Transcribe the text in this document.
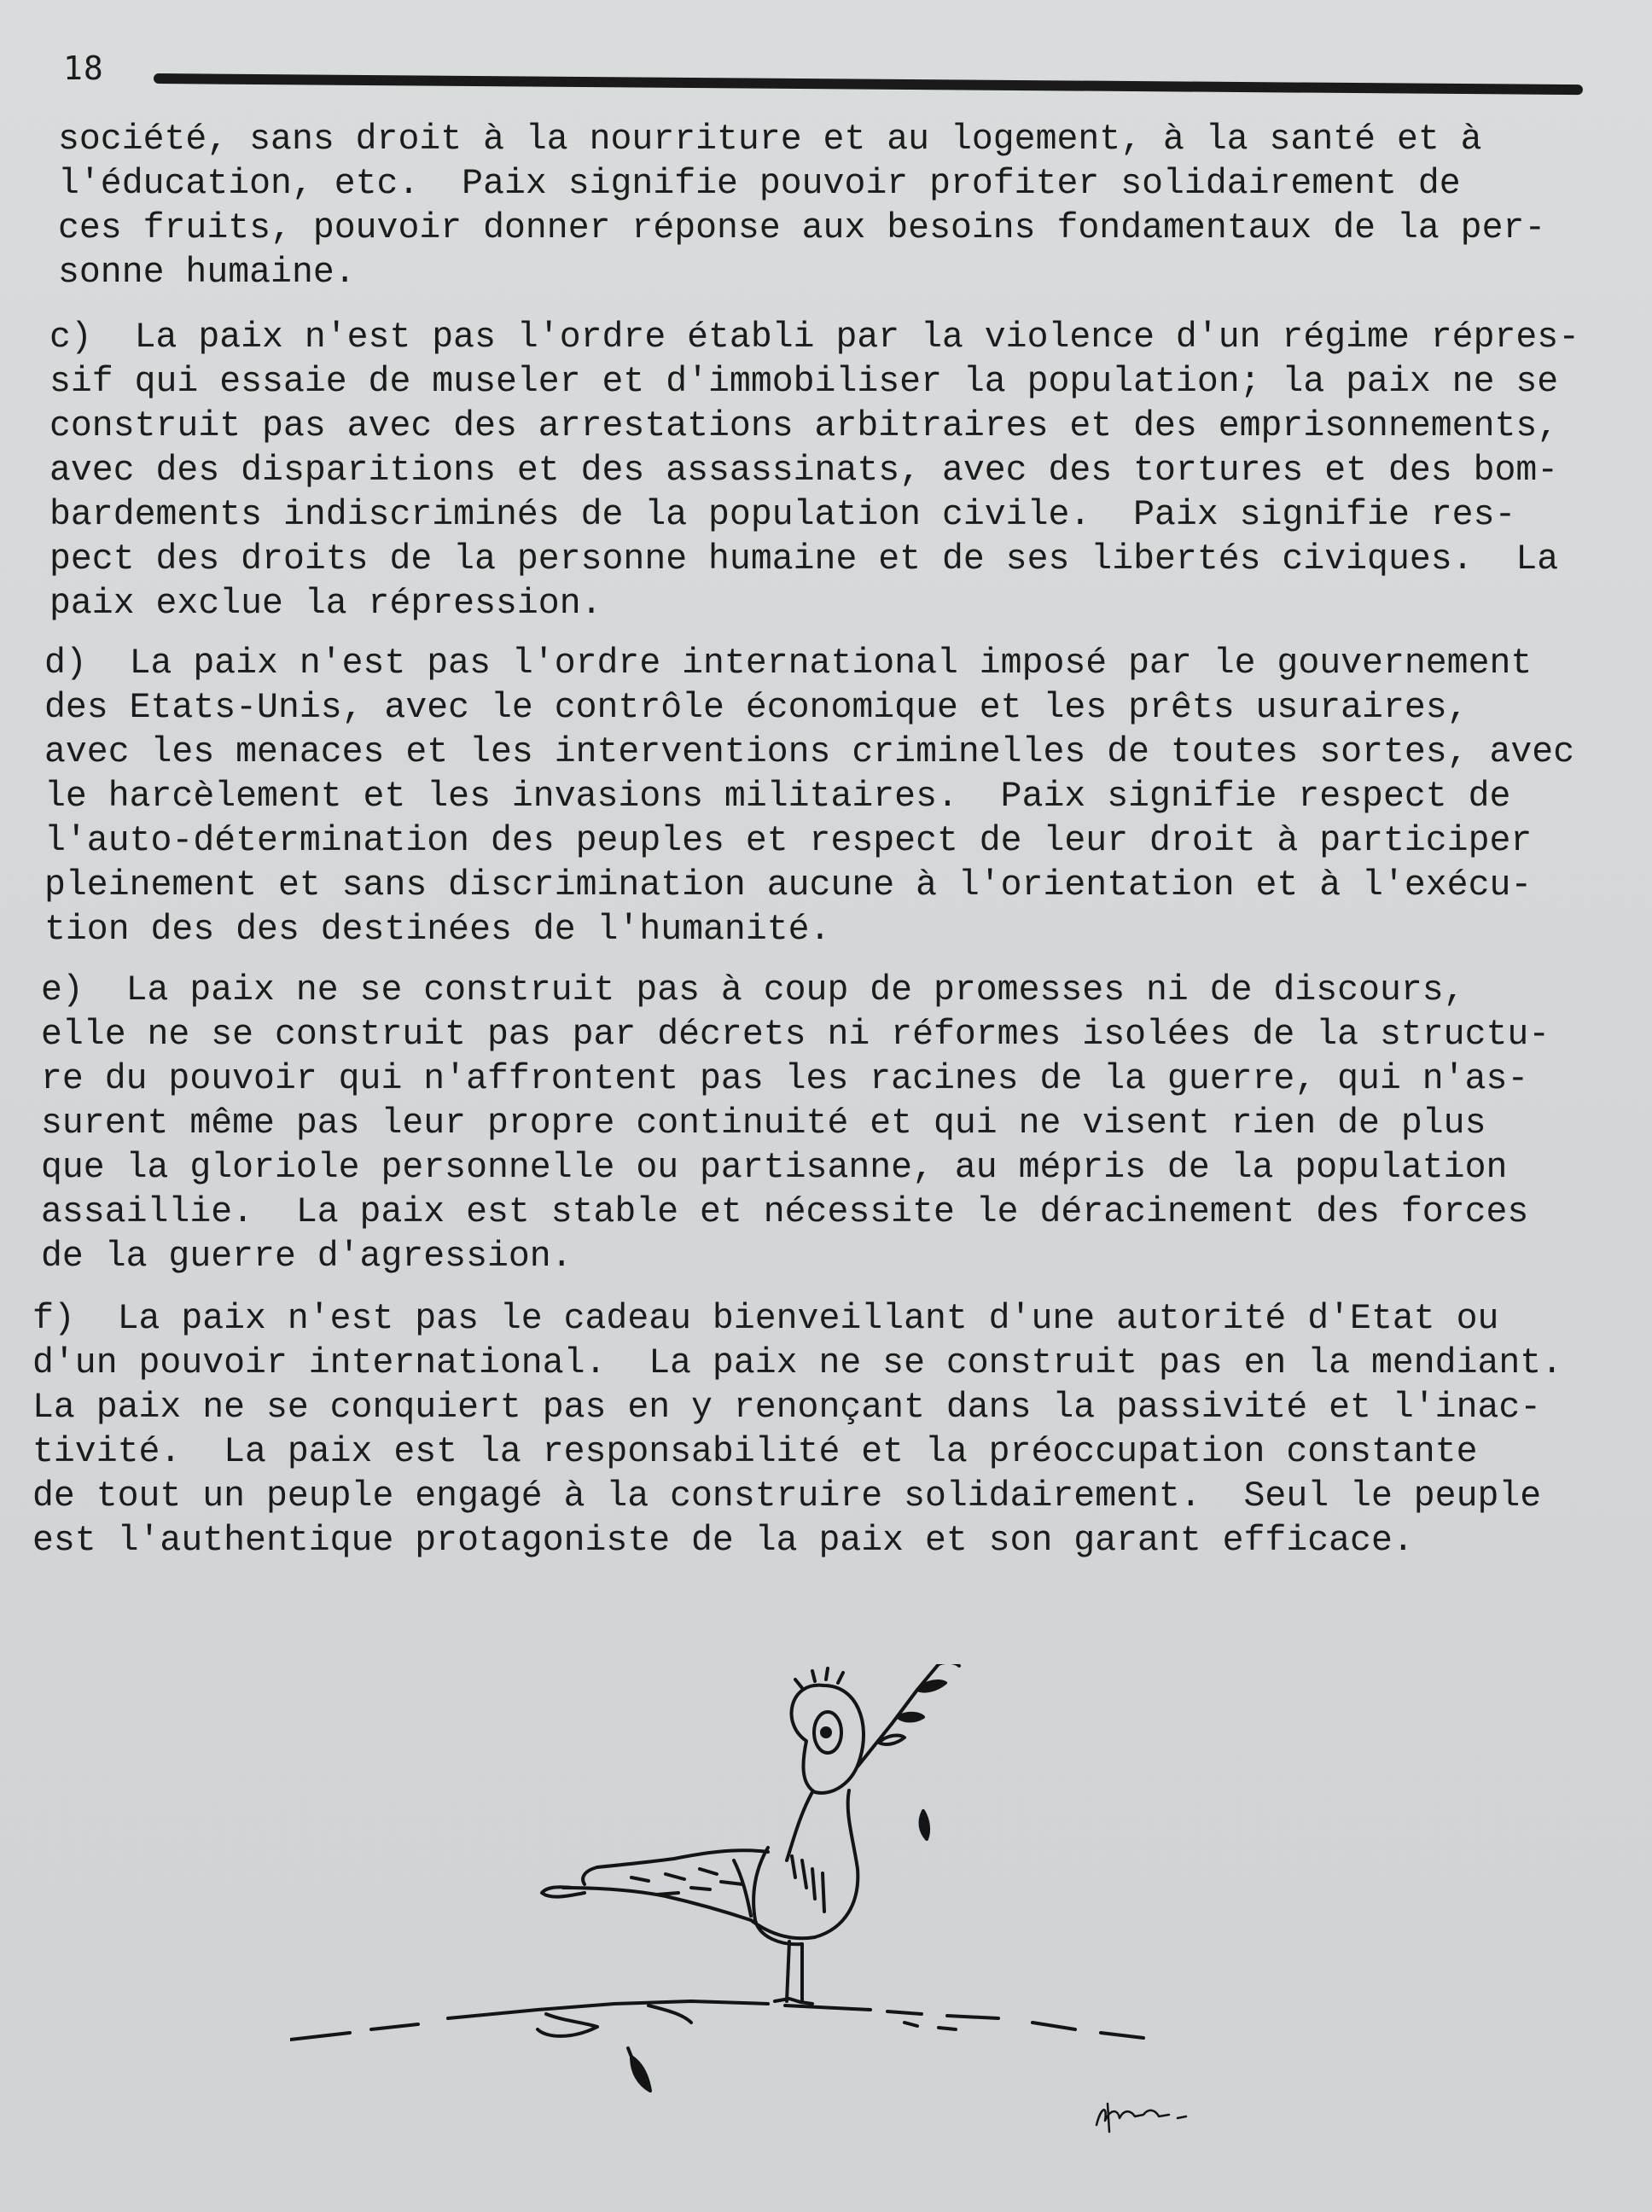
18
société, sans droit à la nourriture et au logement, à la santé et à
l'éducation, etc.  Paix signifie pouvoir profiter solidairement de
ces fruits, pouvoir donner réponse aux besoins fondamentaux de la per-
sonne humaine.
c)  La paix n'est pas l'ordre établi par la violence d'un régime répres-
sif qui essaie de museler et d'immobiliser la population; la paix ne se
construit pas avec des arrestations arbitraires et des emprisonnements,
avec des disparitions et des assassinats, avec des tortures et des bom-
bardements indiscriminés de la population civile.  Paix signifie res-
pect des droits de la personne humaine et de ses libertés civiques.  La
paix exclue la répression.
d)  La paix n'est pas l'ordre international imposé par le gouvernement
des Etats-Unis, avec le contrôle économique et les prêts usuraires,
avec les menaces et les interventions criminelles de toutes sortes, avec
le harcèlement et les invasions militaires.  Paix signifie respect de
l'auto-détermination des peuples et respect de leur droit à participer
pleinement et sans discrimination aucune à l'orientation et à l'exécu-
tion des des destinées de l'humanité.
e)  La paix ne se construit pas à coup de promesses ni de discours,
elle ne se construit pas par décrets ni réformes isolées de la structu-
re du pouvoir qui n'affrontent pas les racines de la guerre, qui n'as-
surent même pas leur propre continuité et qui ne visent rien de plus
que la gloriole personnelle ou partisanne, au mépris de la population
assaillie.  La paix est stable et nécessite le déracinement des forces
de la guerre d'agression.
f)  La paix n'est pas le cadeau bienveillant d'une autorité d'Etat ou
d'un pouvoir international.  La paix ne se construit pas en la mendiant.
La paix ne se conquiert pas en y renonçant dans la passivité et l'inac-
tivité.  La paix est la responsabilité et la préoccupation constante
de tout un peuple engagé à la construire solidairement.  Seul le peuple
est l'authentique protagoniste de la paix et son garant efficace.
